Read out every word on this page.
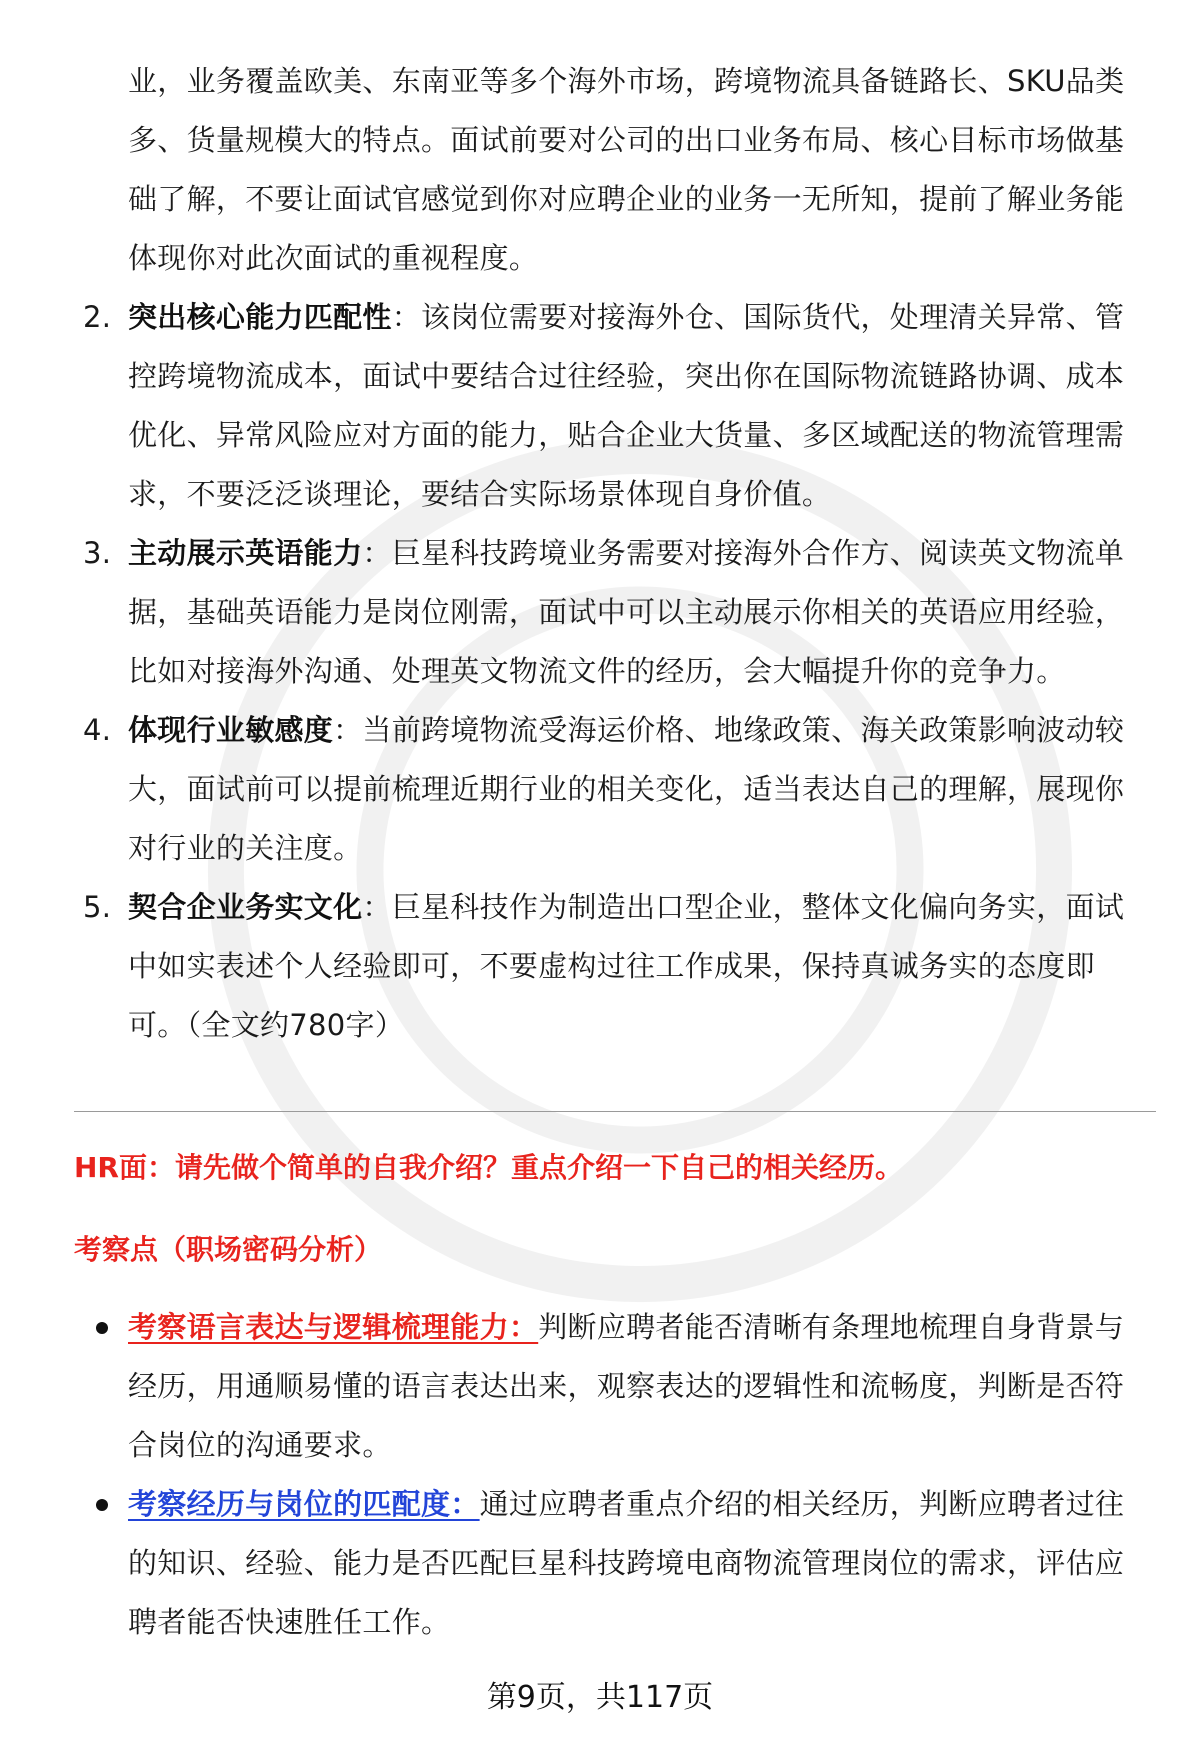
业，业务覆盖欧美、东南亚等多个海外市场，跨境物流具备链路长、SKU品类多、货量规模大的特点。面试前要对公司的出口业务布局、核心目标市场做基础了解，不要让面试官感觉到你对应聘企业的业务一无所知，提前了解业务能体现你对此次面试的重视程度。
2. 突出核心能力匹配性：该岗位需要对接海外仓、国际货代，处理清关异常、管控跨境物流成本，面试中要结合过往经验，突出你在国际物流链路协调、成本优化、异常风险应对方面的能力，贴合企业大货量、多区域配送的物流管理需求，不要泛泛谈理论，要结合实际场景体现自身价值。
3. 主动展示英语能力：巨星科技跨境业务需要对接海外合作方、阅读英文物流单据，基础英语能力是岗位刚需，面试中可以主动展示你相关的英语应用经验，比如对接海外沟通、处理英文物流文件的经历，会大幅提升你的竞争力。
4. 体现行业敏感度：当前跨境物流受海运价格、地缘政策、海关政策影响波动较大，面试前可以提前梳理近期行业的相关变化，适当表达自己的理解，展现你对行业的关注度。
5. 契合企业务实文化：巨星科技作为制造出口型企业，整体文化偏向务实，面试中如实表述个人经验即可，不要虚构过往工作成果，保持真诚务实的态度即可。（全文约780字）
HR面：请先做个简单的自我介绍？重点介绍一下自己的相关经历。
考察点（职场密码分析）
考察语言表达与逻辑梳理能力：判断应聘者能否清晰有条理地梳理自身背景与经历，用通顺易懂的语言表达出来，观察表达的逻辑性和流畅度，判断是否符合岗位的沟通要求。
考察经历与岗位的匹配度：通过应聘者重点介绍的相关经历，判断应聘者过往的知识、经验、能力是否匹配巨星科技跨境电商物流管理岗位的需求，评估应聘者能否快速胜任工作。
第9页，共117页
